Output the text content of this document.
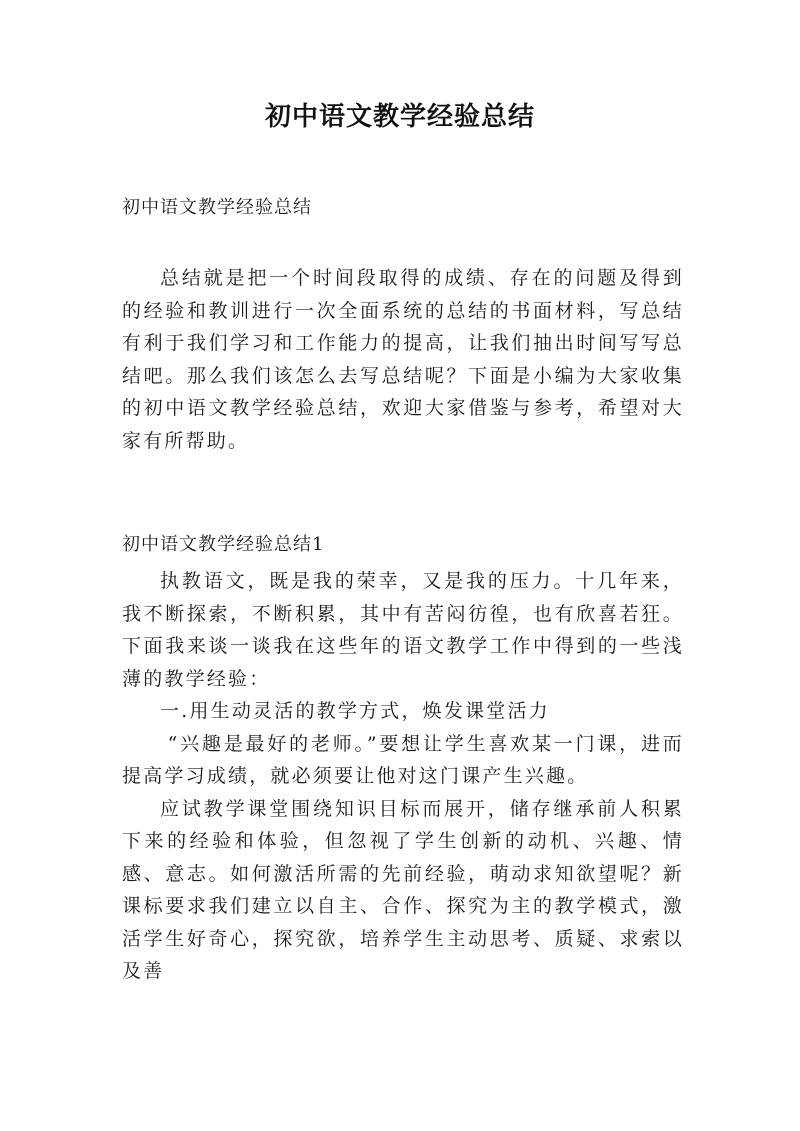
初中语文教学经验总结
初中语文教学经验总结

总结就是把一个时间段取得的成绩、存在的问题及得到的经验和教训进行一次全面系统的总结的书面材料，写总结有利于我们学习和工作能力的提高，让我们抽出时间写写总结吧。那么我们该怎么去写总结呢？下面是小编为大家收集的初中语文教学经验总结，欢迎大家借鉴与参考，希望对大家有所帮助。

初中语文教学经验总结1

执教语文，既是我的荣幸，又是我的压力。十几年来，我不断探索，不断积累，其中有苦闷彷徨，也有欣喜若狂。下面我来谈一谈我在这些年的语文教学工作中得到的一些浅薄的教学经验：

一.用生动灵活的教学方式，焕发课堂活力

“兴趣是最好的老师。”要想让学生喜欢某一门课，进而提高学习成绩，就必须要让他对这门课产生兴趣。

应试教学课堂围绕知识目标而展开，储存继承前人积累下来的经验和体验，但忽视了学生创新的动机、兴趣、情感、意志。如何激活所需的先前经验，萌动求知欲望呢？新课标要求我们建立以自主、合作、探究为主的教学模式，激活学生好奇心，探究欲，培养学生主动思考、质疑、求索以及善
